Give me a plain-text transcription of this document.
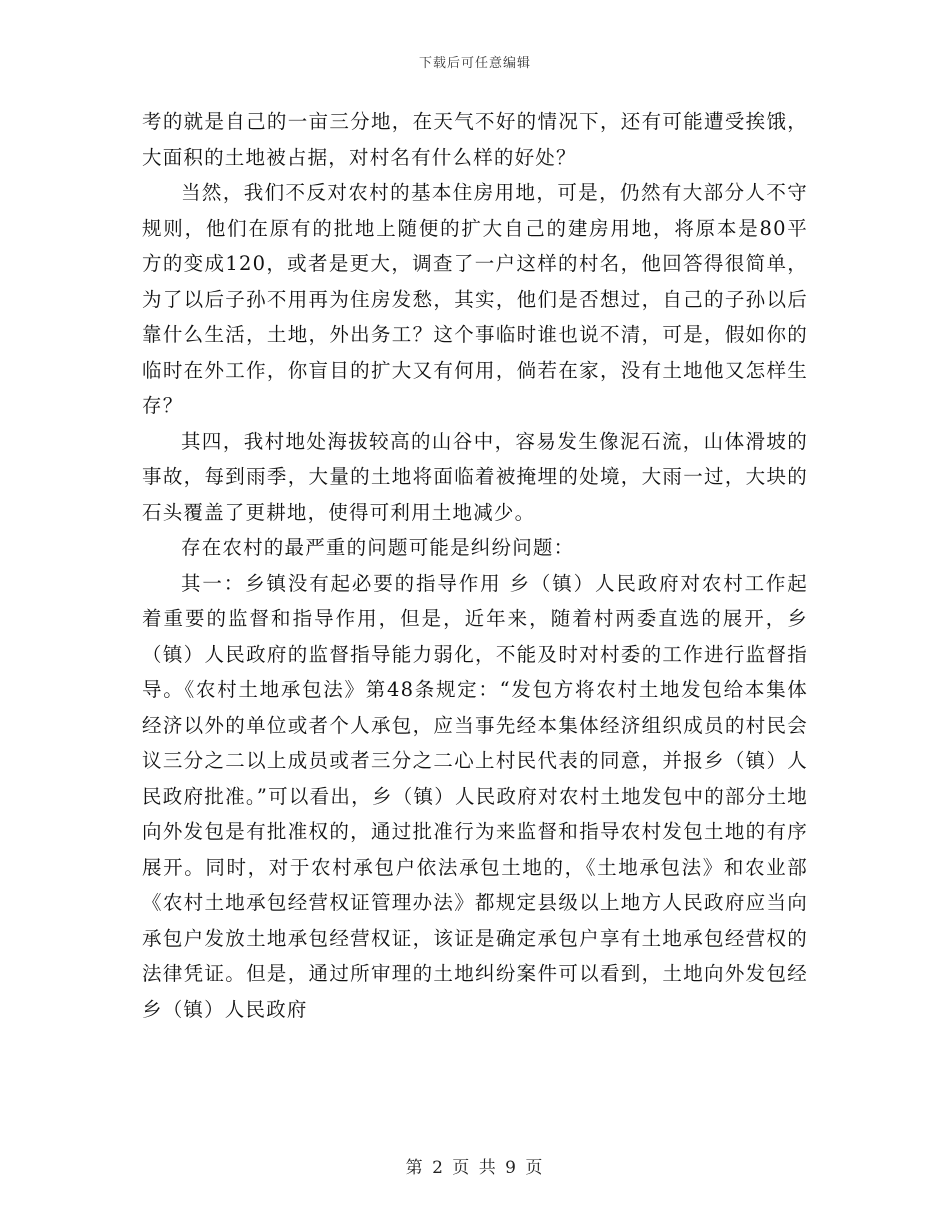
下载后可任意编辑

考的就是自己的一亩三分地，在天气不好的情况下，还有可能遭受挨饿，大面积的土地被占据，对村名有什么样的好处？

当然，我们不反对农村的基本住房用地，可是，仍然有大部分人不守规则，他们在原有的批地上随便的扩大自己的建房用地，将原本是80平方的变成120，或者是更大，调查了一户这样的村名，他回答得很简单，为了以后子孙不用再为住房发愁，其实，他们是否想过，自己的子孙以后靠什么生活，土地，外出务工？这个事临时谁也说不清，可是，假如你的临时在外工作，你盲目的扩大又有何用，倘若在家，没有土地他又怎样生存？

其四，我村地处海拔较高的山谷中，容易发生像泥石流，山体滑坡的事故，每到雨季，大量的土地将面临着被掩埋的处境，大雨一过，大块的石头覆盖了更耕地，使得可利用土地减少。

存在农村的最严重的问题可能是纠纷问题：

其一：乡镇没有起必要的指导作用 乡（镇）人民政府对农村工作起着重要的监督和指导作用，但是，近年来，随着村两委直选的展开，乡（镇）人民政府的监督指导能力弱化，不能及时对村委的工作进行监督指导。《农村土地承包法》第48条规定：“发包方将农村土地发包给本集体经济以外的单位或者个人承包，应当事先经本集体经济组织成员的村民会议三分之二以上成员或者三分之二心上村民代表的同意，并报乡（镇）人民政府批准。”可以看出，乡（镇）人民政府对农村土地发包中的部分土地向外发包是有批准权的，通过批准行为来监督和指导农村发包土地的有序展开。同时，对于农村承包户依法承包土地的，《土地承包法》和农业部《农村土地承包经营权证管理办法》都规定县级以上地方人民政府应当向承包户发放土地承包经营权证，该证是确定承包户享有土地承包经营权的法律凭证。但是，通过所审理的土地纠纷案件可以看到，土地向外发包经乡（镇）人民政府

第 2 页 共 9 页
